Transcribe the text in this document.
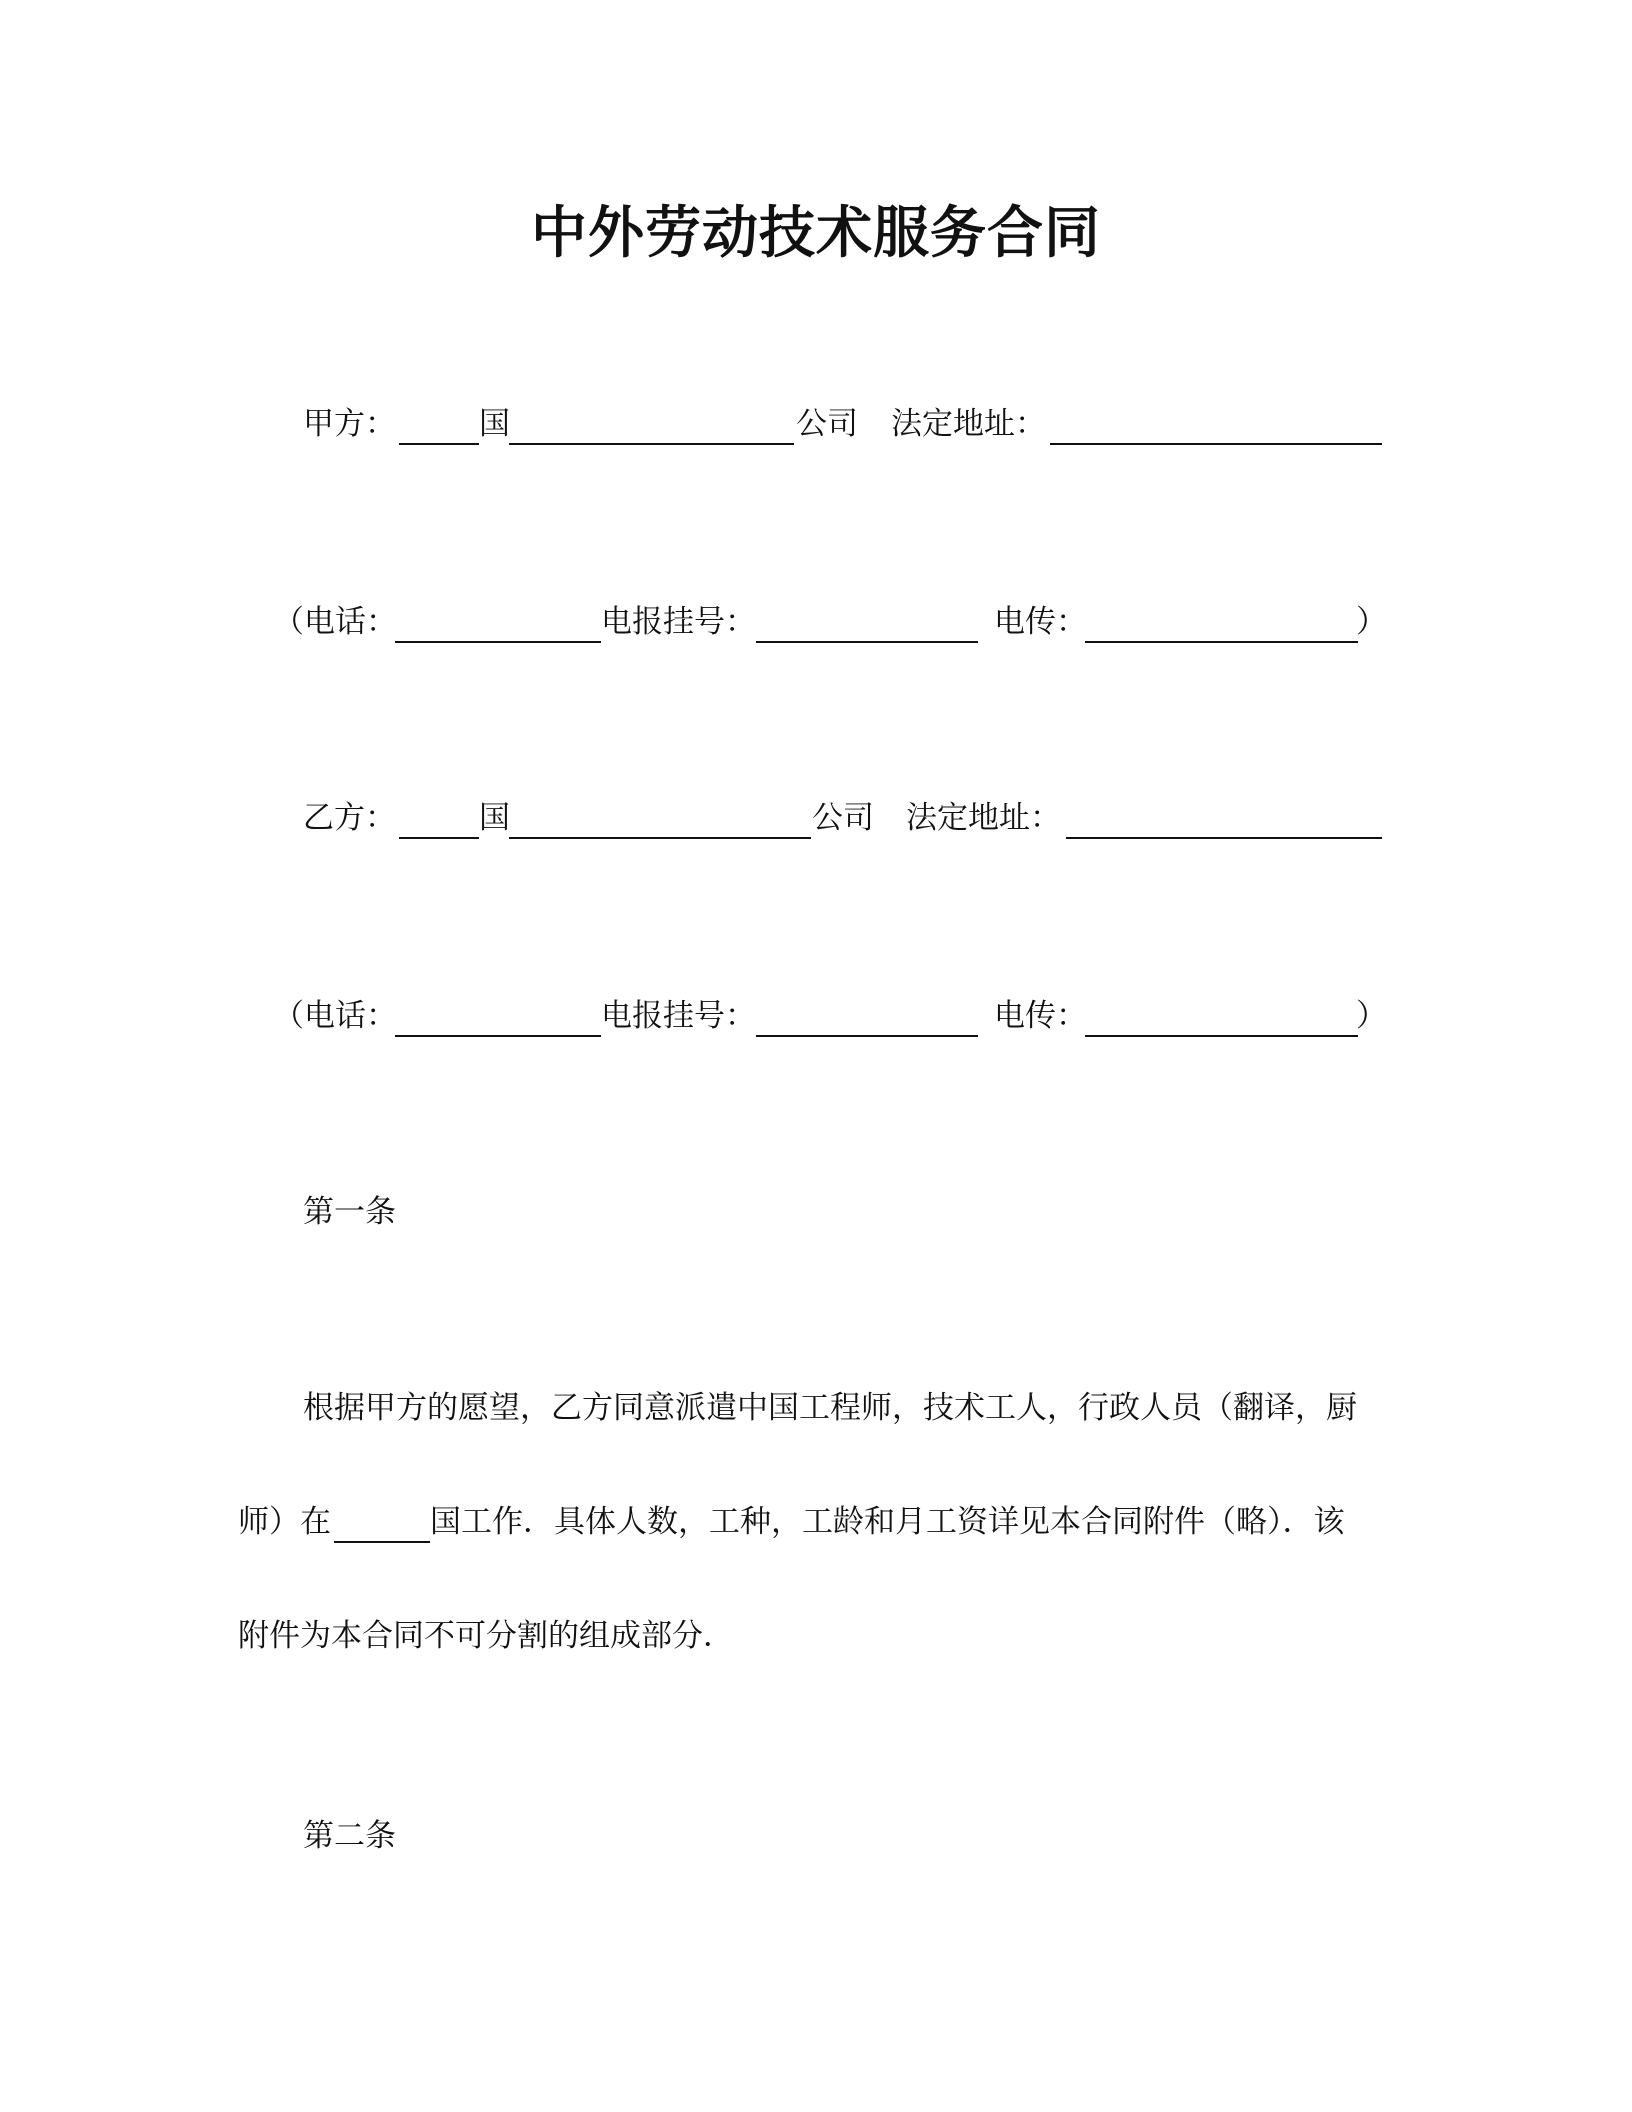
中外劳动技术服务合同
甲方：	国	公司 法定地址：
（电话：	电报挂号：	电传：	）
乙方：	国	公司 法定地址：
（电话：	电报挂号：	电传：	）
第一条
根据甲方的愿望，乙方同意派遣中国工程师，技术工人，行政人员（翻译，厨
师）在	国工作．具体人数，工种，工龄和月工资详见本合同附件（略）．该
附件为本合同不可分割的组成部分．
第二条
